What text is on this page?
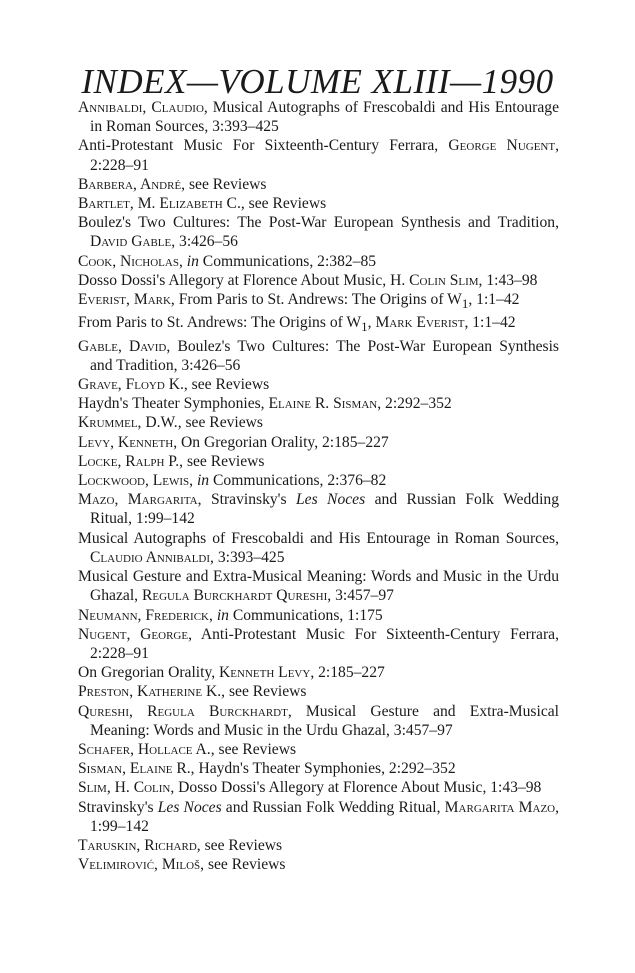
INDEX—VOLUME XLIII—1990

Annibaldi, Claudio, Musical Autographs of Frescobaldi and His Entourage in Roman Sources, 3:393–425

Anti-Protestant Music For Sixteenth-Century Ferrara, George Nugent, 2:228–91

Barbera, André, see Reviews

Bartlet, M. Elizabeth C., see Reviews

Boulez's Two Cultures: The Post-War European Synthesis and Tradition, David Gable, 3:426–56

Cook, Nicholas, in Communications, 2:382–85

Dosso Dossi's Allegory at Florence About Music, H. Colin Slim, 1:43–98

Everist, Mark, From Paris to St. Andrews: The Origins of $W_1$, 1:1–42

From Paris to St. Andrews: The Origins of $W_1$, Mark Everist, 1:1–42

Gable, David, Boulez's Two Cultures: The Post-War European Synthesis and Tradition, 3:426–56

Grave, Floyd K., see Reviews

Haydn's Theater Symphonies, Elaine R. Sisman, 2:292–352

Krummel, D.W., see Reviews

Levy, Kenneth, On Gregorian Orality, 2:185–227

Locke, Ralph P., see Reviews

Lockwood, Lewis, in Communications, 2:376–82

Mazo, Margarita, Stravinsky's Les Noces and Russian Folk Wedding Ritual, 1:99–142

Musical Autographs of Frescobaldi and His Entourage in Roman Sources, Claudio Annibaldi, 3:393–425

Musical Gesture and Extra-Musical Meaning: Words and Music in the Urdu Ghazal, Regula Burckhardt Qureshi, 3:457–97

Neumann, Frederick, in Communications, 1:175

Nugent, George, Anti-Protestant Music For Sixteenth-Century Ferrara, 2:228–91

On Gregorian Orality, Kenneth Levy, 2:185–227

Preston, Katherine K., see Reviews

Qureshi, Regula Burckhardt, Musical Gesture and Extra-Musical Meaning: Words and Music in the Urdu Ghazal, 3:457–97

Schafer, Hollace A., see Reviews

Sisman, Elaine R., Haydn's Theater Symphonies, 2:292–352

Slim, H. Colin, Dosso Dossi's Allegory at Florence About Music, 1:43–98

Stravinsky's Les Noces and Russian Folk Wedding Ritual, Margarita Mazo, 1:99–142

Taruskin, Richard, see Reviews

Velimirović, Miloš, see Reviews
